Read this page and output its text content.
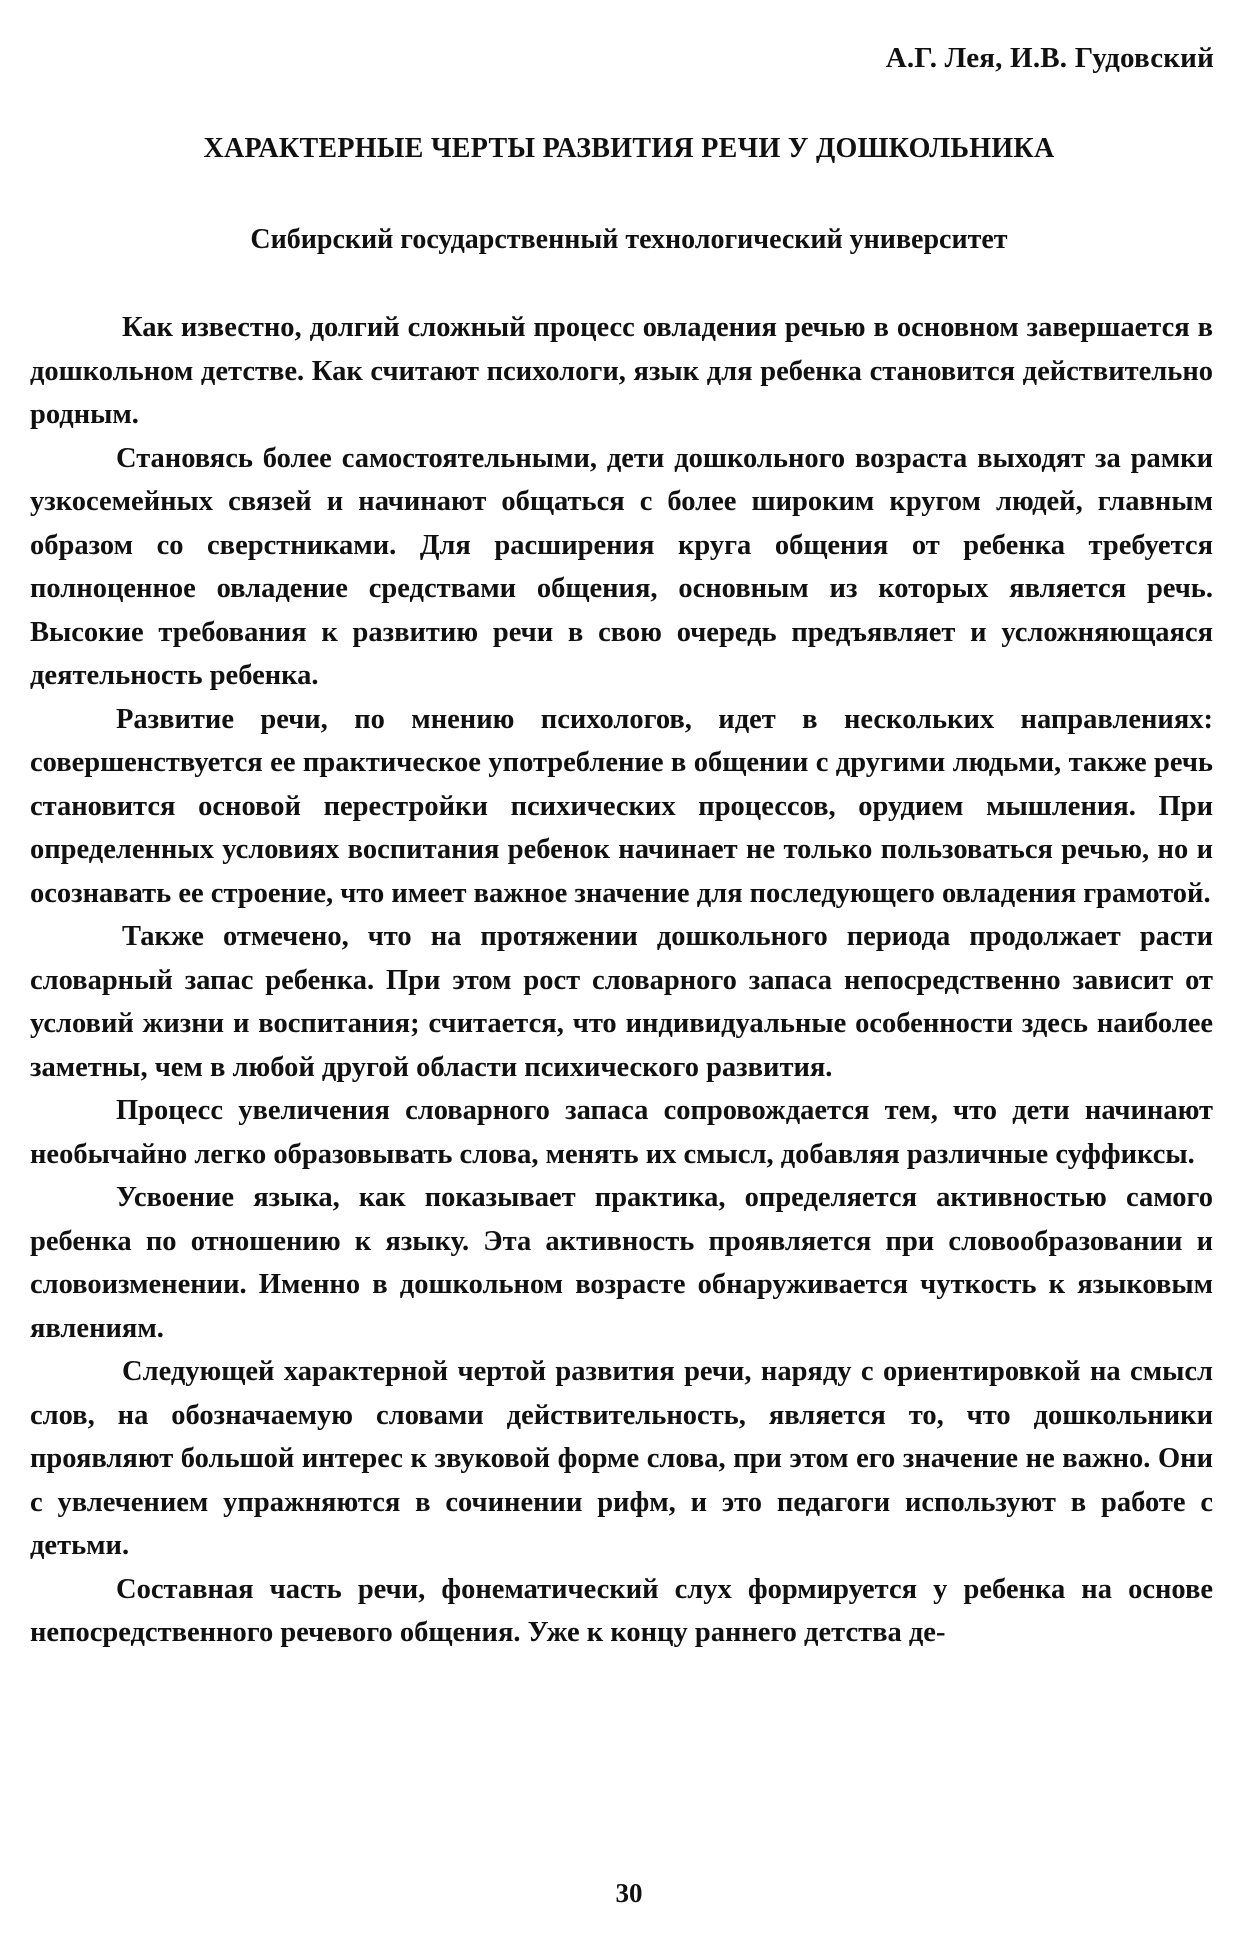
А.Г. Лея, И.В. Гудовский
ХАРАКТЕРНЫЕ ЧЕРТЫ РАЗВИТИЯ РЕЧИ У ДОШКОЛЬНИКА
Сибирский государственный технологический университет

Как известно, долгий сложный процесс овладения речью в основном завершается в дошкольном детстве. Как считают психологи, язык для ребенка становится действительно родным.

Становясь более самостоятельными, дети дошкольного возраста выходят за рамки узкосемейных связей и начинают общаться с более широким кругом людей, главным образом со сверстниками. Для расширения круга общения от ребенка требуется полноценное овладение средствами общения, основным из которых является речь. Высокие требования к развитию речи в свою очередь предъявляет и усложняющаяся деятельность ребенка.

Развитие речи, по мнению психологов, идет в нескольких направлениях: совершенствуется ее практическое употребление в общении с другими людьми, также речь становится основой перестройки психических процессов, орудием мышления. При определенных условиях воспитания ребенок начинает не только пользоваться речью, но и осознавать ее строение, что имеет важное значение для последующего овладения грамотой.

Также отмечено, что на протяжении дошкольного периода продолжает расти словарный запас ребенка. При этом рост словарного запаса непосредственно зависит от условий жизни и воспитания; считается, что индивидуальные особенности здесь наиболее заметны, чем в любой другой области психического развития.

Процесс увеличения словарного запаса сопровождается тем, что дети начинают необычайно легко образовывать слова, менять их смысл, добавляя различные суффиксы.

Усвоение языка, как показывает практика, определяется активностью самого ребенка по отношению к языку. Эта активность проявляется при словообразовании и словоизменении. Именно в дошкольном возрасте обнаруживается чуткость к языковым явлениям.

Следующей характерной чертой развития речи, наряду с ориентировкой на смысл слов, на обозначаемую словами действительность, является то, что дошкольники проявляют большой интерес к звуковой форме слова, при этом его значение не важно. Они с увлечением упражняются в сочинении рифм, и это педагоги используют в работе с детьми.

Составная часть речи, фонематический слух формируется у ребенка на основе непосредственного речевого общения. Уже к концу раннего детства де-

30
